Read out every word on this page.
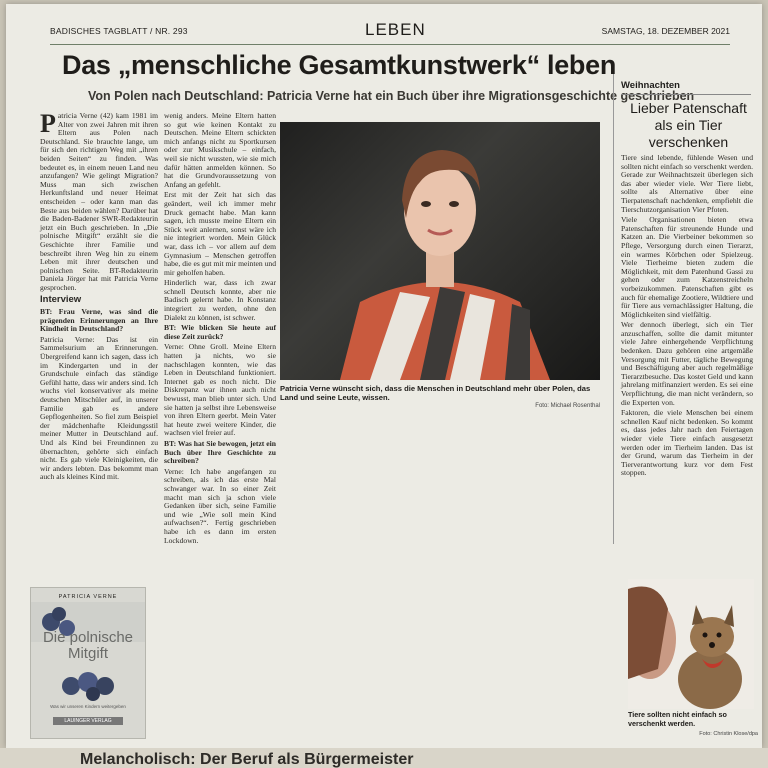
BADISCHES TAGBLATT / NR. 293	LEBEN	SAMSTAG, 18. DEZEMBER 2021
Das „menschliche Gesamtkunstwerk“ leben
Von Polen nach Deutschland: Patricia Verne hat ein Buch über ihre Migrationsgeschichte geschrieben

Patricia Verne (42) kam 1981 im Alter von zwei Jahren mit ihren Eltern aus Polen nach Deutschland. Sie brauchte lange, um für sich den richtigen Weg mit „ihren beiden Seiten“ zu finden. Was bedeutet es, in einem neuen Land neu anzufangen? Wie gelingt Migration? Muss man sich zwischen Herkunftsland und neuer Heimat entscheiden – oder kann man das Beste aus beiden wählen? Darüber hat die Baden-Badener SWR-Redakteurin jetzt ein Buch geschrieben. In „Die polnische Mitgift“ erzählt sie die Geschichte ihrer Familie und beschreibt ihren Weg hin zu einem Leben mit ihrer deutschen und polnischen Seite. BT-Redakteurin Daniela Jörger hat mit Patricia Verne gesprochen.

Interview

BT: Frau Verne, was sind die prägenden Erinnerungen an Ihre Kindheit in Deutschland?

Patricia Verne: Das ist ein Sammelsurium an Erinnerungen. Übergreifend kann ich sagen, dass ich im Kindergarten und in der Grundschule einfach das ständige Gefühl hatte, dass wir anders sind. Ich wuchs viel konservativer als meine deutschen Mitschüler auf, in unserer Familie gab es andere Gepflogenheiten. So fiel zum Beispiel der mädchenhafte Kleidungsstil meiner Mutter in Deutschland auf. Und als Kind bei Freundinnen zu übernachten, gehörte sich einfach nicht. Es gab viele Kleinigkeiten, die wir anders lebten. Das bekommt man auch als kleines Kind mit.

wenig anders. Meine Eltern hatten so gut wie keinen Kontakt zu Deutschen. Meine Eltern schickten mich anfangs nicht zu Sportkursen oder zur Musikschule – einfach, weil sie nicht wussten, wie sie mich dafür hätten anmelden können. So hat die Grundvoraussetzung von Anfang an gefehlt.

Erst mit der Zeit hat sich das geändert, weil ich immer mehr Druck gemacht habe. Man kann sagen, ich musste meine Eltern ein Stück weit anlernen, sonst wäre ich nie integriert worden. Mein Glück war, dass ich – vor allem auf dem Gymnasium – Menschen getroffen habe, die es gut mit mir meinten und mir geholfen haben.

Hinderlich war, dass ich zwar schnell Deutsch konnte, aber nie Badisch gelernt habe. In Konstanz integriert zu werden, ohne den Dialekt zu können, ist schwer.

BT: Wie blicken Sie heute auf diese Zeit zurück?

Verne: Ohne Groll. Meine Eltern hatten ja nichts, wo sie nachschlagen konnten, wie das Leben in Deutschland funktioniert. Internet gab es noch nicht. Die Diskrepanz war ihnen auch nicht bewusst, man blieb unter sich. Und sie hatten ja selbst ihre Lebensweise von ihren Eltern geerbt. Mein Vater hat heute zwei weitere Kinder, die wachsen viel freier auf.

BT: Was hat Sie bewogen, jetzt ein Buch über Ihre Geschichte zu schreiben?

Verne: Ich habe angefangen zu schreiben, als ich das erste Mal schwanger war. In so einer Zeit macht man sich ja schon viele Gedanken über sich, seine Familie und wie „Wie soll mein Kind aufwachsen?“. Fertig geschrieben habe ich es dann im ersten Lockdown.

Patricia Verne wünscht sich, dass die Menschen in Deutschland mehr über Polen, das Land und seine Leute, wissen.
Foto: Michael Rosenthal
Weihnachten
Lieber Patenschaft als ein Tier verschenken

Tiere sind lebende, fühlende Wesen und sollten nicht einfach so verschenkt werden. Gerade zur Weihnachtszeit überlegen sich das aber wieder viele. Wer Tiere liebt, sollte als Alternative über eine Tierpatenschaft nachdenken, empfiehlt die Tierschutzorganisation Vier Pfoten.

Viele Organisationen bieten etwa Patenschaften für streunende Hunde und Katzen an. Die Vierbeiner bekommen so Pflege, Versorgung durch einen Tierarzt, ein warmes Körbchen oder Spielzeug. Viele Tierheime bieten zudem die Möglichkeit, mit dem Patenhund Gassi zu gehen oder zum Katzenstreicheln vorbeizukommen. Patenschaften gibt es auch für ehemalige Zootiere, Wildtiere und für Tiere aus vernachlässigter Haltung, die Möglichkeiten sind vielfältig.

Wer dennoch überlegt, sich ein Tier anzuschaffen, sollte die damit mitunter viele Jahre einhergehende Verpflichtung bedenken. Dazu gehören eine artgemäße Versorgung mit Futter, tägliche Bewegung und Beschäftigung aber auch regelmäßige Tierarztbesuche. Das kostet Geld und kann jahrelang mitfinanziert werden. Es sei eine Verpflichtung, die man nicht verändern, so die Experten von.

Faktoren, die viele Menschen bei einem schnellen Kauf nicht bedenken. So kommt es, dass jedes Jahr nach den Feiertagen wieder viele Tiere einfach ausgesetzt werden oder im Tierheim landen. Das ist der Grund, warum das Tierheim in der Tierverantwortung kurz vor dem Fest stoppen.

PATRICIA VERNE
Die polnische Mitgift
Was wir unseren Kindern weitergeben
LAUINGER VERLAG
Tiere sollten nicht einfach so verschenkt werden.
Foto: Christin Klose/dpa
Melancholisch: Der Beruf als Bürgermeister
